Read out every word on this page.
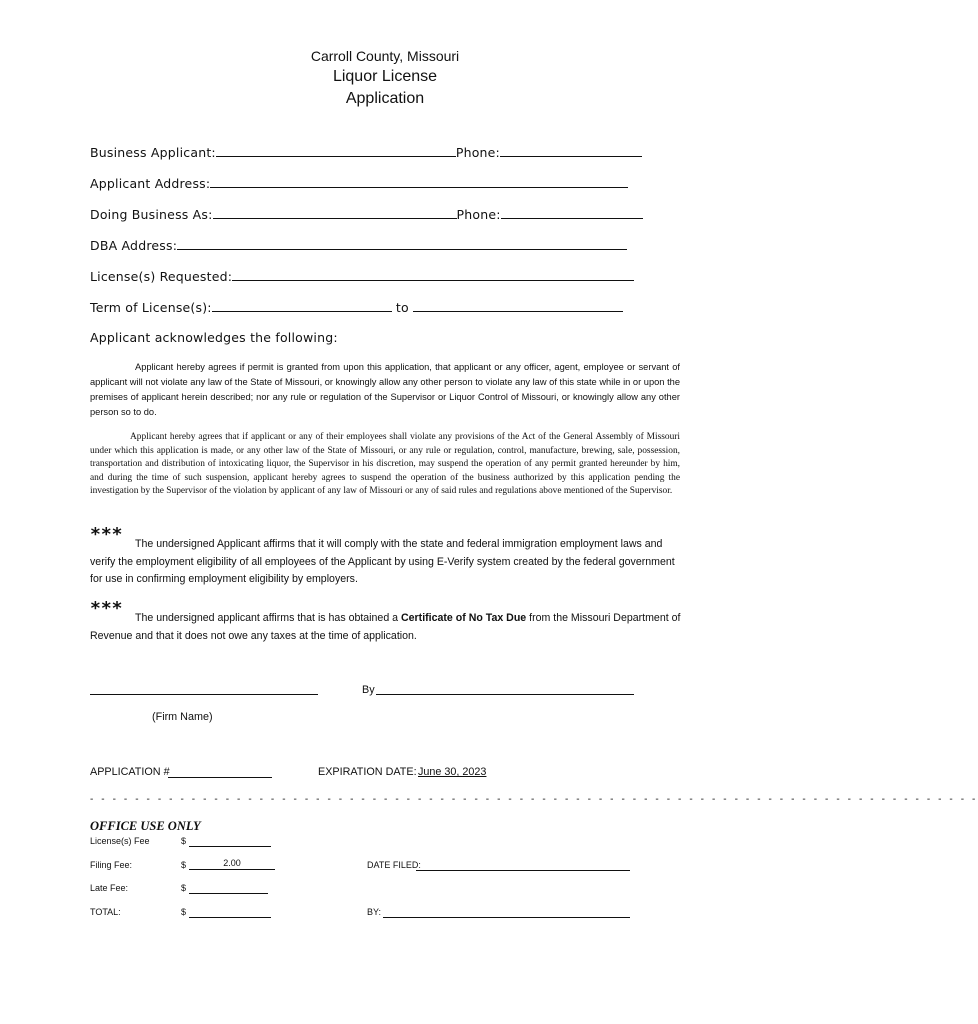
Carroll County, Missouri
Liquor License
Application
Business Applicant:	Phone:
Applicant Address:
Doing Business As:	Phone:
DBA Address:
License(s) Requested:
Term of License(s):	to
Applicant acknowledges the following:
Applicant hereby agrees if permit is granted from upon this application, that applicant or any officer, agent, employee or servant of applicant will not violate any law of the State of Missouri, or knowingly allow any other person to violate any law of this state while in or upon the premises of applicant herein described; nor any rule or regulation of the Supervisor or Liquor Control of Missouri, or knowingly allow any other person so to do.
Applicant hereby agrees that if applicant or any of their employees shall violate any provisions of the Act of the General Assembly of Missouri under which this application is made, or any other law of the State of Missouri, or any rule or regulation, control, manufacture, brewing, sale, possession, transportation and distribution of intoxicating liquor, the Supervisor in his discretion, may suspend the operation of any permit granted hereunder by him, and during the time of such suspension, applicant hereby agrees to suspend the operation of the business authorized by this application pending the investigation by the Supervisor of the violation by applicant of any law of Missouri or any of said rules and regulations above mentioned of the Supervisor.
***	The undersigned Applicant affirms that it will comply with the state and federal immigration employment laws and verify the employment eligibility of all employees of the Applicant by using E-Verify system created by the federal government for use in confirming employment eligibility by employers.
***	The undersigned applicant affirms that is has obtained a Certificate of No Tax Due from the Missouri Department of Revenue and that it does not owe any taxes at the time of application.
By
(Firm Name)
APPLICATION #	EXPIRATION DATE: June 30, 2023
- - - - - - - - - - - - - - - - - - - - - - - - - - - - - - - - - - - - - - - - - - - - - - - - - - - - - - - - - - - - - - - - - - - - - - - - - - - - - - -
OFFICE USE ONLY
License(s) Fee	$
Filing Fee:	$	2.00	DATE FILED:
Late Fee:	$
TOTAL:	$	BY:
